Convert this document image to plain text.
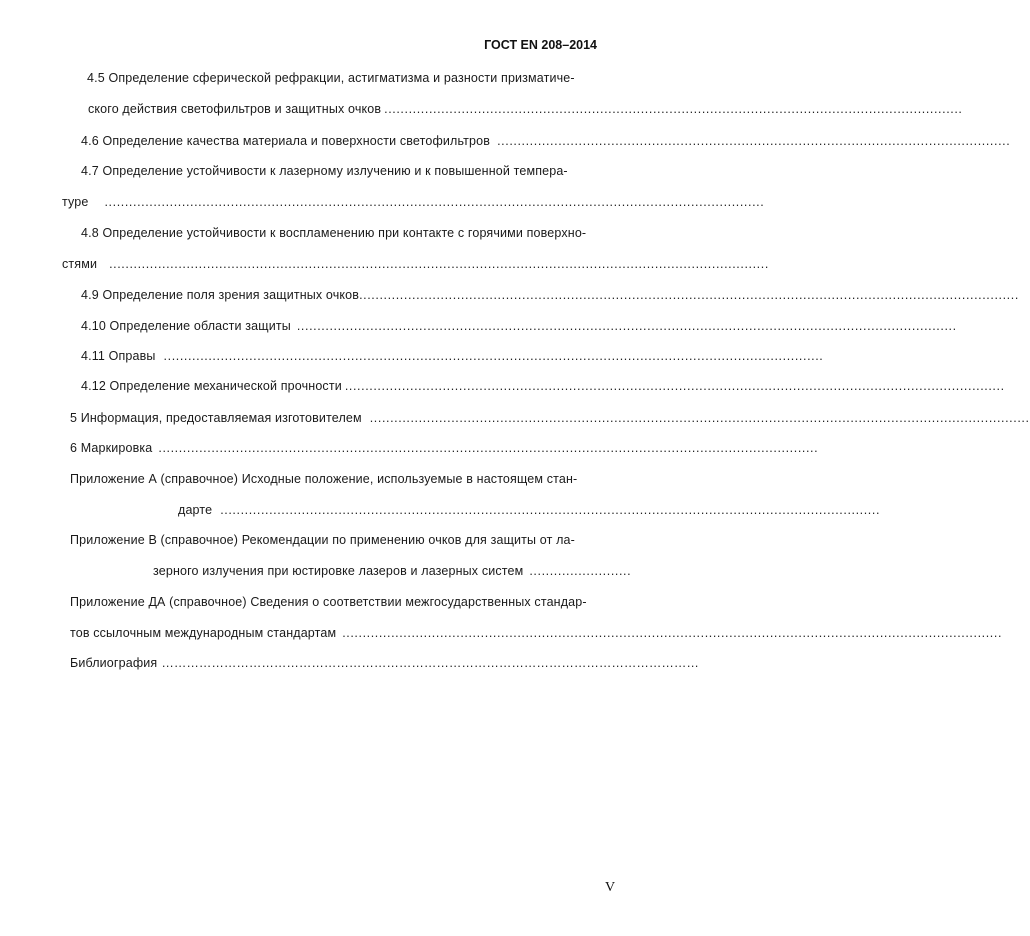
ГОСТ EN 208–2014
4.5 Определение сферической рефракции, астигматизма и разности призматиче-
ского действия светофильтров и защитных очков ..............................................................................................................................................
4.6 Определение качества материала и поверхности светофильтров ..............................................................................................................................
4.7 Определение устойчивости к лазерному излучению и к повышенной темпера-
туре ..................................................................................................................................................................
4.8 Определение устойчивости к воспламенению при контакте с горячими поверхно-
стями ..................................................................................................................................................................
4.9 Определение поля зрения защитных очков ..................................................................................................................................................................
4.10 Определение области защиты ..................................................................................................................................................................
4.11 Оправы ..................................................................................................................................................................
4.12 Определение механической прочности ..................................................................................................................................................................
5 Информация, предоставляемая изготовителем ..................................................................................................................................................................
6 Маркировка ..................................................................................................................................................................
Приложение А (справочное) Исходные положение, используемые в настоящем стан-
дарте ..................................................................................................................................................................
Приложение В (справочное) Рекомендации по применению очков для защиты от ла-
зерного излучения при юстировке лазеров и лазерных систем .........................
Приложение ДА (справочное) Сведения о соответствии межгосударственных стандар-
тов ссылочным международным стандартам ..................................................................................................................................................................
Библиография …………………………………………………………………………………………………………………
V
